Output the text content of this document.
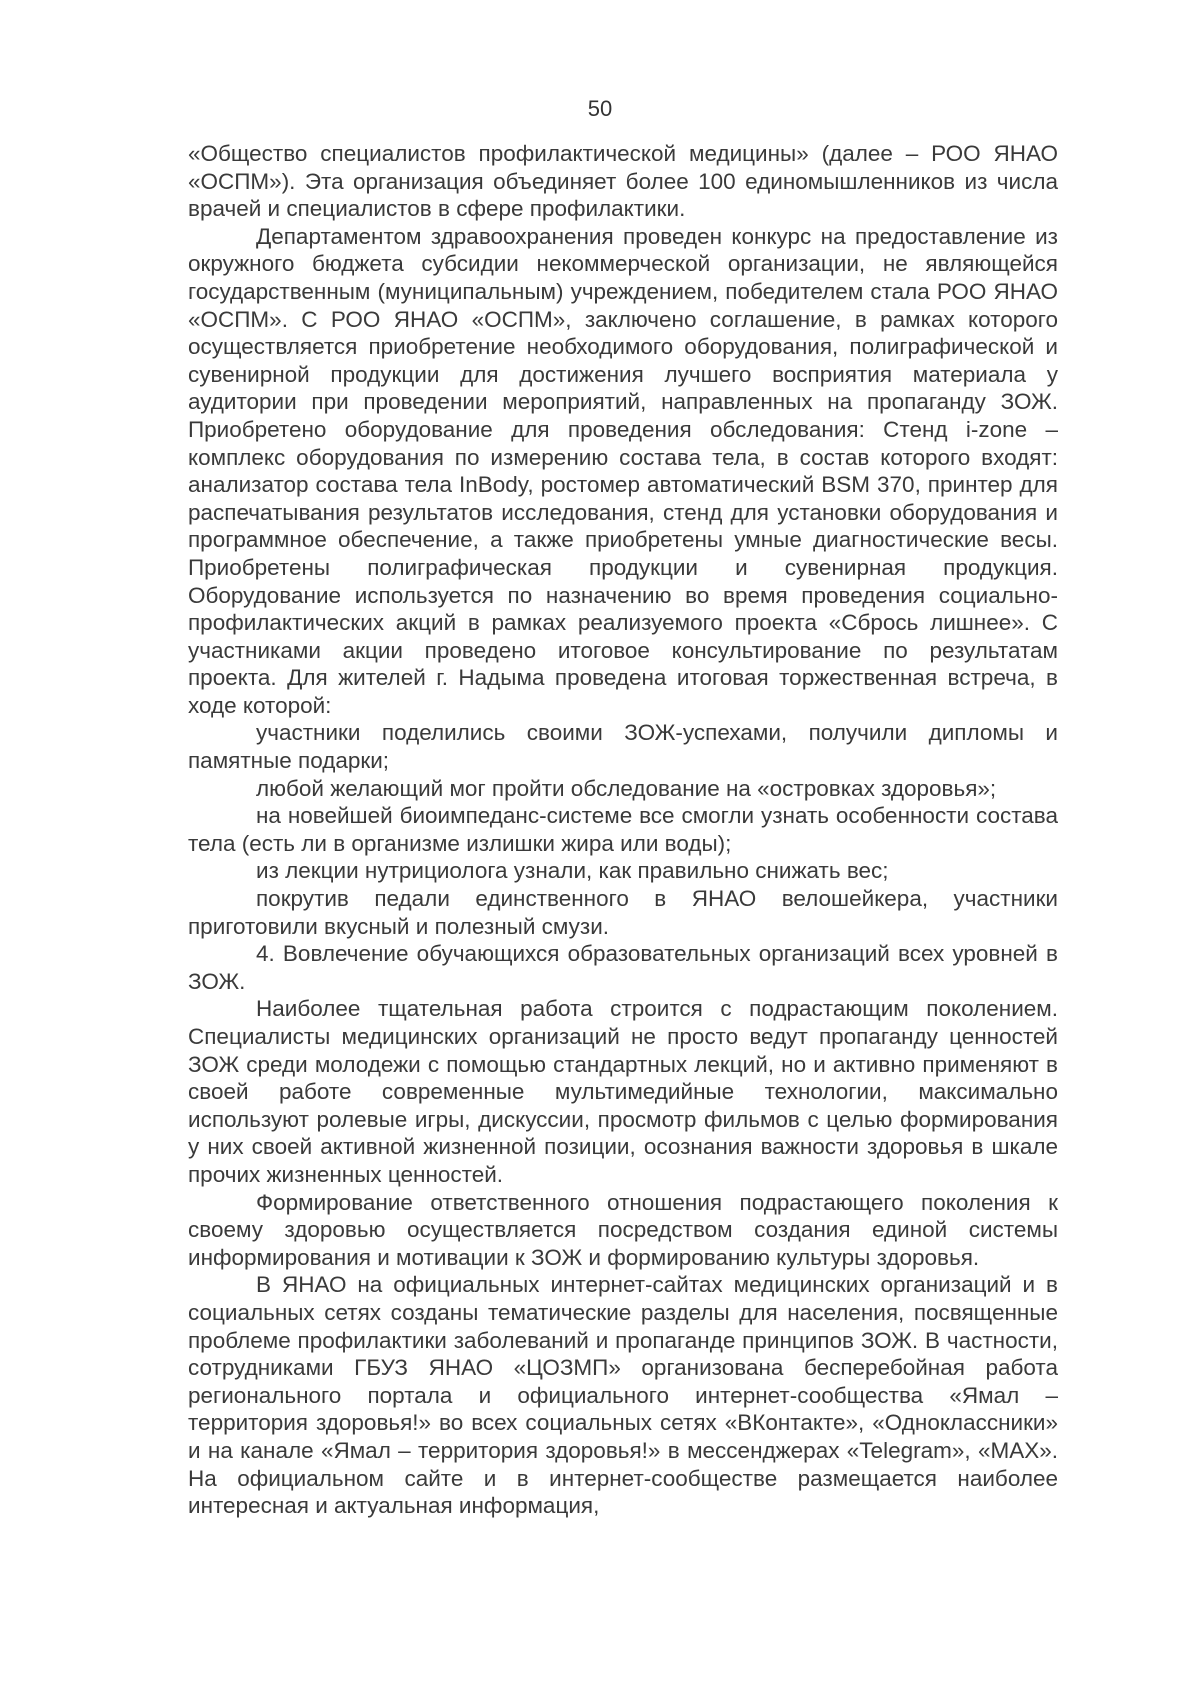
50

«Общество специалистов профилактической медицины» (далее – РОО ЯНАО «ОСПМ»). Эта организация объединяет более 100 единомышленников из числа врачей и специалистов в сфере профилактики.

Департаментом здравоохранения проведен конкурс на предоставление из окружного бюджета субсидии некоммерческой организации, не являющейся государственным (муниципальным) учреждением, победителем стала РОО ЯНАО «ОСПМ». С РОО ЯНАО «ОСПМ», заключено соглашение, в рамках которого осуществляется приобретение необходимого оборудования, полиграфической и сувенирной продукции для достижения лучшего восприятия материала у аудитории при проведении мероприятий, направленных на пропаганду ЗОЖ. Приобретено оборудование для проведения обследования: Стенд i-zone – комплекс оборудования по измерению состава тела, в состав которого входят: анализатор состава тела InBody, ростомер автоматический BSM 370, принтер для распечатывания результатов исследования, стенд для установки оборудования и программное обеспечение, а также приобретены умные диагностические весы. Приобретены полиграфическая продукции и сувенирная продукция. Оборудование используется по назначению во время проведения социально-профилактических акций в рамках реализуемого проекта «Сбрось лишнее». С участниками акции проведено итоговое консультирование по результатам проекта. Для жителей г. Надыма проведена итоговая торжественная встреча, в ходе которой:

участники поделились своими ЗОЖ-успехами, получили дипломы и памятные подарки;

любой желающий мог пройти обследование на «островках здоровья»;

на новейшей биоимпеданс-системе все смогли узнать особенности состава тела (есть ли в организме излишки жира или воды);

из лекции нутрициолога узнали, как правильно снижать вес;

покрутив педали единственного в ЯНАО велошейкера, участники приготовили вкусный и полезный смузи.

4. Вовлечение обучающихся образовательных организаций всех уровней в ЗОЖ.

Наиболее тщательная работа строится с подрастающим поколением. Специалисты медицинских организаций не просто ведут пропаганду ценностей ЗОЖ среди молодежи с помощью стандартных лекций, но и активно применяют в своей работе современные мультимедийные технологии, максимально используют ролевые игры, дискуссии, просмотр фильмов с целью формирования у них своей активной жизненной позиции, осознания важности здоровья в шкале прочих жизненных ценностей.

Формирование ответственного отношения подрастающего поколения к своему здоровью осуществляется посредством создания единой системы информирования и мотивации к ЗОЖ и формированию культуры здоровья.

В ЯНАО на официальных интернет-сайтах медицинских организаций и в социальных сетях созданы тематические разделы для населения, посвященные проблеме профилактики заболеваний и пропаганде принципов ЗОЖ. В частности, сотрудниками ГБУЗ ЯНАО «ЦОЗМП» организована бесперебойная работа регионального портала и официального интернет-сообщества «Ямал – территория здоровья!» во всех социальных сетях «ВКонтакте», «Одноклассники» и на канале «Ямал – территория здоровья!» в мессенджерах «Telegram», «MAX». На официальном сайте и в интернет-сообществе размещается наиболее интересная и актуальная информация,
